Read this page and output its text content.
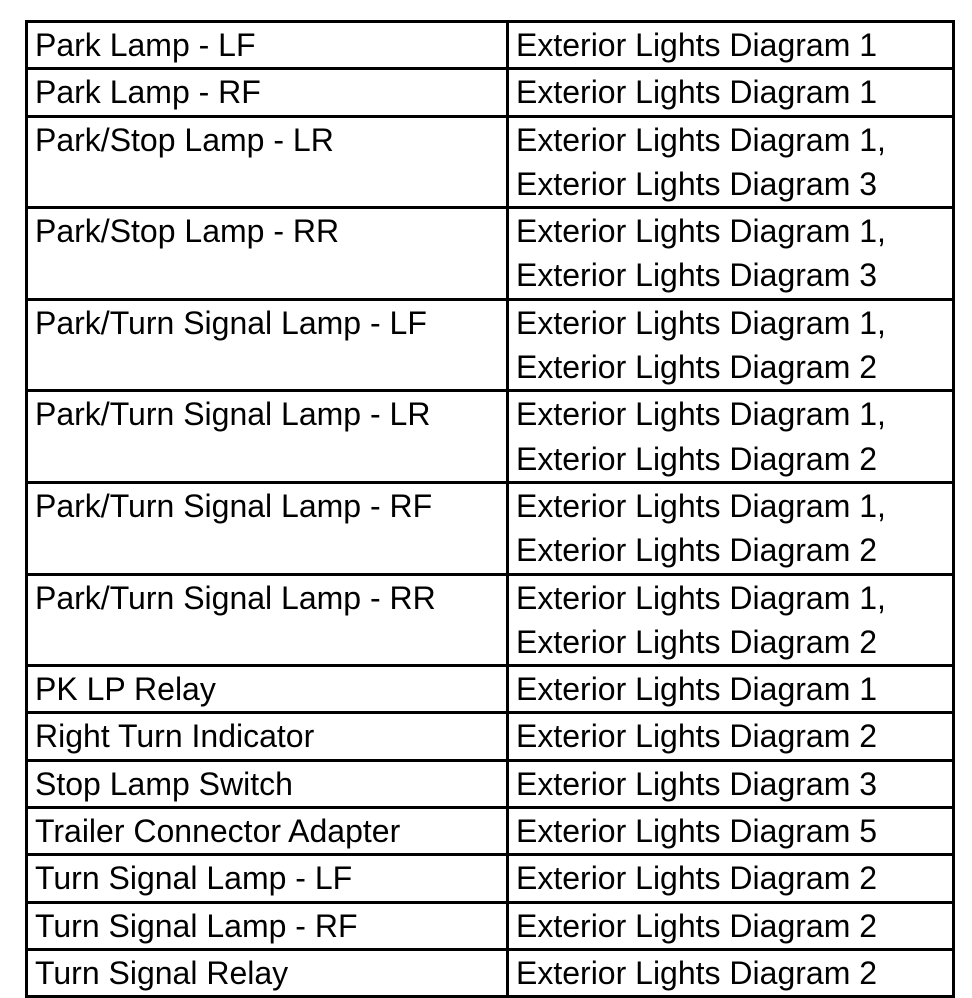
Park Lamp - LF	Exterior Lights Diagram 1

Park Lamp - RF	Exterior Lights Diagram 1

Park/Stop Lamp - LR	Exterior Lights Diagram 1,
Exterior Lights Diagram 3

Park/Stop Lamp - RR	Exterior Lights Diagram 1,
Exterior Lights Diagram 3

Park/Turn Signal Lamp - LF	Exterior Lights Diagram 1,
Exterior Lights Diagram 2

Park/Turn Signal Lamp - LR	Exterior Lights Diagram 1,
Exterior Lights Diagram 2

Park/Turn Signal Lamp - RF	Exterior Lights Diagram 1,
Exterior Lights Diagram 2

Park/Turn Signal Lamp - RR	Exterior Lights Diagram 1,
Exterior Lights Diagram 2

PK LP Relay	Exterior Lights Diagram 1

Right Turn Indicator	Exterior Lights Diagram 2

Stop Lamp Switch	Exterior Lights Diagram 3

Trailer Connector Adapter	Exterior Lights Diagram 5

Turn Signal Lamp - LF	Exterior Lights Diagram 2

Turn Signal Lamp - RF	Exterior Lights Diagram 2

Turn Signal Relay	Exterior Lights Diagram 2
